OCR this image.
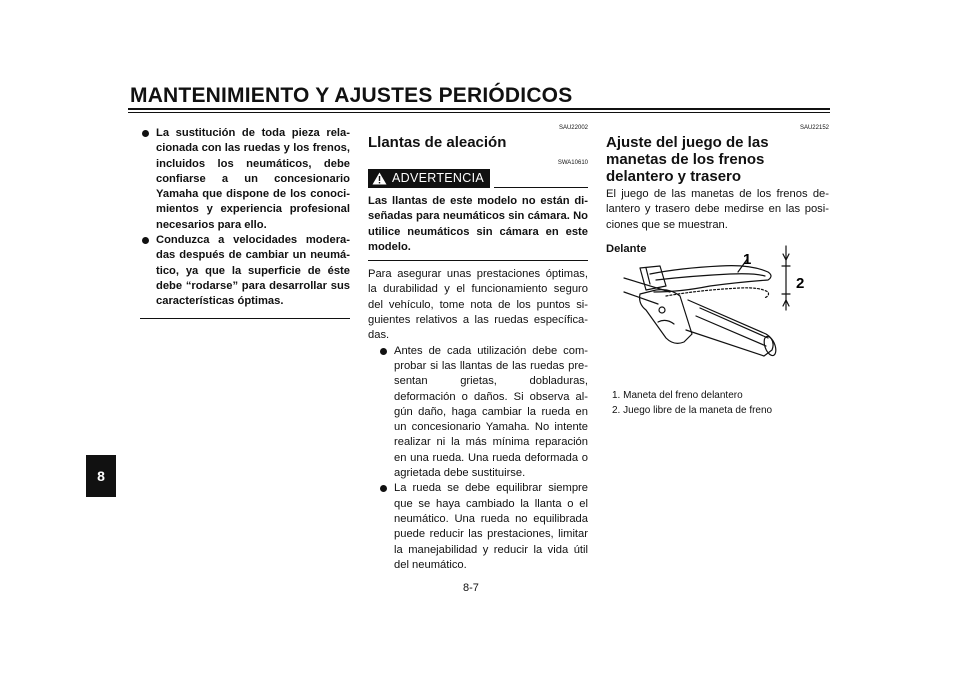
MANTENIMIENTO Y AJUSTES PERIÓDICOS
8
La sustitución de toda pieza rela-cionada con las ruedas y los frenos, incluidos los neumáticos, debe confiarse a un concesionario Yamaha que dispone de los conoci-mientos y experiencia profesional necesarios para ello.
Conduzca a velocidades modera-das después de cambiar un neumá-tico, ya que la superficie de éste debe “rodarse” para desarrollar sus características óptimas.
SAU22002
Llantas de aleación
SWA10610
ADVERTENCIA
Las llantas de este modelo no están di-señadas para neumáticos sin cámara. No utilice neumáticos sin cámara en este modelo.
Para asegurar unas prestaciones óptimas, la durabilidad y el funcionamiento seguro del vehículo, tome nota de los puntos si-guientes relativos a las ruedas específica-das.
Antes de cada utilización debe com-probar si las llantas de las ruedas pre-sentan grietas, dobladuras, deformación o daños. Si observa al-gún daño, haga cambiar la rueda en un concesionario Yamaha. No intente realizar ni la más mínima reparación en una rueda. Una rueda deformada o agrietada debe sustituirse.
La rueda se debe equilibrar siempre que se haya cambiado la llanta o el neumático. Una rueda no equilibrada puede reducir las prestaciones, limitar la manejabilidad y reducir la vida útil del neumático.
SAU22152
Ajuste del juego de las manetas de los frenos delantero y trasero
El juego de las manetas de los frenos de-lantero y trasero debe medirse en las posi-ciones que se muestran.
Delante
1
2
1. Maneta del freno delantero
2. Juego libre de la maneta de freno
8-7
